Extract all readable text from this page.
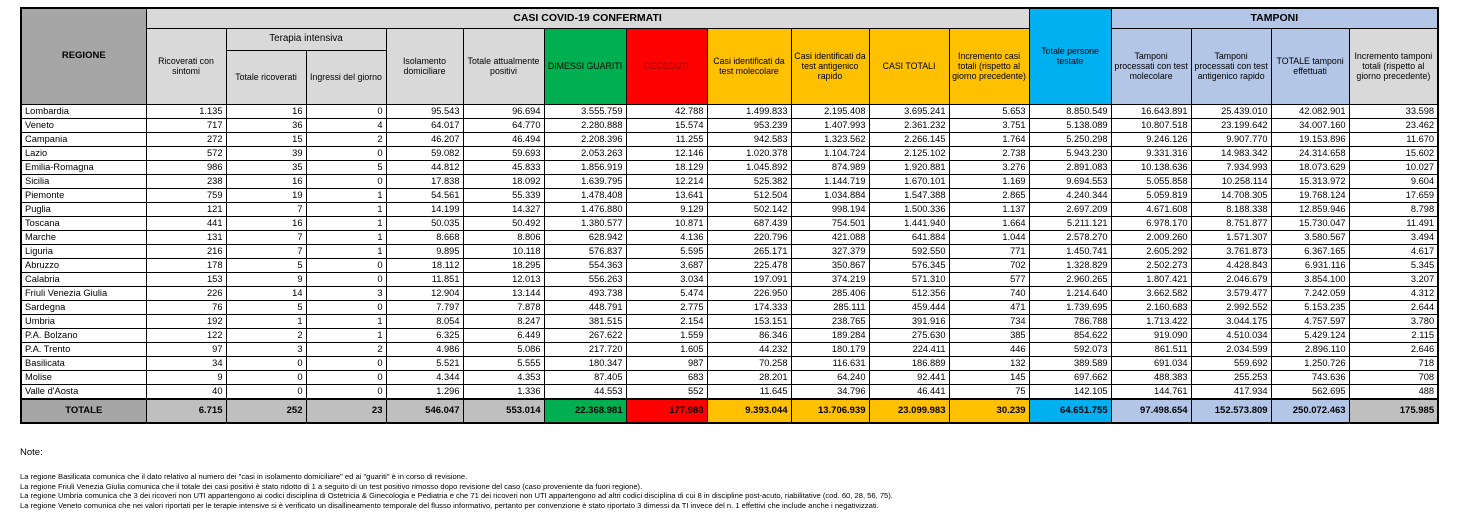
REGIONE	CASI COVID-19 CONFERMATI											Totale persone testate	TAMPONI			
	Ricoverati con sintomi	Terapia intensiva		Isolamento domiciliare	Totale attualmente positivi	DIMESSI GUARITI	DECEDUTI	Casi identificati da test molecolare	Casi identificati da test antigenico rapido	CASI TOTALI	Incremento casi totali (rispetto al giorno precedente)		Tamponi processati con test molecolare	Tamponi processati con test antigenico rapido	TOTALE tamponi effettuati	Incremento tamponi totali (rispetto al giorno precedente)
		Totale ricoverati	Ingressi del giorno													
Lombardia	1.135	16	0	95.543	96.694	3.555.759	42.788	1.499.833	2.195.408	3.695.241	5.653	8.850.549	16.643.891	25.439.010	42.082.901	33.598
Veneto	717	36	4	64.017	64.770	2.280.888	15.574	953.239	1.407.993	2.361.232	3.751	5.138.089	10.807.518	23.199.642	34.007.160	23.462
Campania	272	15	2	46.207	46.494	2.208.396	11.255	942.583	1.323.562	2.266.145	1.764	5.250.298	9.246.126	9.907.770	19.153.896	11.670
Lazio	572	39	0	59.082	59.693	2.053.263	12.146	1.020.378	1.104.724	2.125.102	2.738	5.943.230	9.331.316	14.983.342	24.314.658	15.602
Emilia-Romagna	986	35	5	44.812	45.833	1.856.919	18.129	1.045.892	874.989	1.920.881	3.276	2.891.083	10.138.636	7.934.993	18.073.629	10.027
Sicilia	238	16	0	17.838	18.092	1.639.795	12.214	525.382	1.144.719	1.670.101	1.169	9.694.553	5.055.858	10.258.114	15.313.972	9.604
Piemonte	759	19	1	54.561	55.339	1.478.408	13.641	512.504	1.034.884	1.547.388	2.865	4.240.344	5.059.819	14.708.305	19.768.124	17.659
Puglia	121	7	1	14.199	14.327	1.476.880	9.129	502.142	998.194	1.500.336	1.137	2.697.209	4.671.608	8.188.338	12.859.946	8.798
Toscana	441	16	1	50.035	50.492	1.380.577	10.871	687.439	754.501	1.441.940	1.664	5.211.121	6.978.170	8.751.877	15.730.047	11.491
Marche	131	7	1	8.668	8.806	628.942	4.136	220.796	421.088	641.884	1.044	2.578.270	2.009.260	1.571.307	3.580.567	3.494
Liguria	216	7	1	9.895	10.118	576.837	5.595	265.171	327.379	592.550	771	1.450.741	2.605.292	3.761.873	6.367.165	4.617
Abruzzo	178	5	0	18.112	18.295	554.363	3.687	225.478	350.867	576.345	702	1.328.829	2.502.273	4.428.843	6.931.116	5.345
Calabria	153	9	0	11.851	12.013	556.263	3.034	197.091	374.219	571.310	577	2.960.265	1.807.421	2.046.679	3.854.100	3.207
Friuli Venezia Giulia	226	14	3	12.904	13.144	493.738	5.474	226.950	285.406	512.356	740	1.214.640	3.662.582	3.579.477	7.242.059	4.312
Sardegna	76	5	0	7.797	7.878	448.791	2.775	174.333	285.111	459.444	471	1.739.695	2.160.683	2.992.552	5.153.235	2.644
Umbria	192	1	1	8.054	8.247	381.515	2.154	153.151	238.765	391.916	734	786.788	1.713.422	3.044.175	4.757.597	3.780
P.A. Bolzano	122	2	1	6.325	6.449	267.622	1.559	86.346	189.284	275.630	385	854.622	919.090	4.510.034	5.429.124	2.115
P.A. Trento	97	3	2	4.986	5.086	217.720	1.605	44.232	180.179	224.411	446	592.073	861.511	2.034.599	2.896.110	2.646
Basilicata	34	0	0	5.521	5.555	180.347	987	70.258	116.631	186.889	132	389.589	691.034	559.692	1.250.726	718
Molise	9	0	0	4.344	4.353	87.405	683	28.201	64.240	92.441	145	697.662	488.383	255.253	743.636	708
Valle d'Aosta	40	0	0	1.296	1.336	44.553	552	11.645	34.796	46.441	75	142.105	144.761	417.934	562.695	488
TOTALE	6.715	252	23	546.047	553.014	22.368.981	177.988	9.393.044	13.706.939	23.099.983	30.239	64.651.755	97.498.654	152.573.809	250.072.463	175.985
Note:
La regione Basilicata comunica che il dato relativo al numero dei "casi in isolamento domiciliare" ed ai "guariti" è in corso di revisione.
La regione Friuli Venezia Giulia comunica che il totale dei casi positivi è stato ridotto di 1 a seguito di un test positivo rimosso dopo revisione del caso (caso proveniente da fuori regione).
La regione Umbria comunica che 3 dei ricoveri non UTI appartengono ai codici disciplina di Ostetricia & Ginecologia e Pediatria e che 71 dei ricoveri non UTI appartengono ad altri codici disciplina di cui 8 in discipline post-acuto, riabilitative (cod. 60, 28, 56, 75).
La regione Veneto comunica che nei valori riportati per le terapie intensive si è verificato un disallineamento temporale del flusso informativo, pertanto per convenzione è stato riportato 3 dimessi da TI invece del n. 1 effettivi che include anche i negativizzati.
